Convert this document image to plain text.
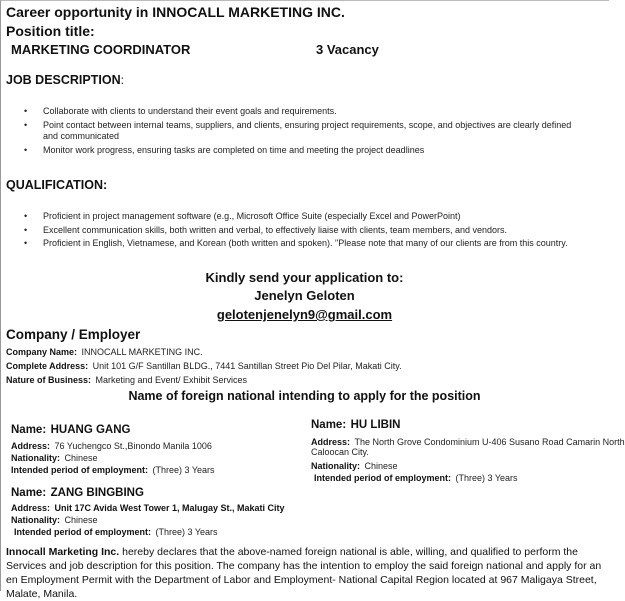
Career opportunity in INNOCALL MARKETING INC.
Position title:
MARKETING COORDINATOR	3 Vacancy
JOB DESCRIPTION:
• Collaborate with clients to understand their event goals and requirements.
• Point contact between internal teams, suppliers, and clients, ensuring project requirements, scope, and objectives are clearly defined and communicated
• Monitor work progress, ensuring tasks are completed on time and meeting the project deadlines
QUALIFICATION:
• Proficient in project management software (e.g., Microsoft Office Suite (especially Excel and PowerPoint)
• Excellent communication skills, both written and verbal, to effectively liaise with clients, team members, and vendors.
• Proficient in English, Vietnamese, and Korean (both written and spoken). "Please note that many of our clients are from this country.
Kindly send your application to:
Jenelyn Geloten
gelotenjenelyn9@gmail.com
Company / Employer
Company Name: INNOCALL MARKETING INC.
Complete Address: Unit 101 G/F Santillan BLDG., 7441 Santillan Street Pio Del Pilar, Makati City.
Nature of Business: Marketing and Event/ Exhibit Services
Name of foreign national intending to apply for the position
Name: HUANG GANG
Address: 76 Yuchengco St.,Binondo Manila 1006
Nationality: Chinese
Intended period of employment: (Three) 3 Years
Name: HU LIBIN
Address: The North Grove Condominium U-406 Susano Road Camarin North
Caloocan City.
Nationality: Chinese
Intended period of employment: (Three) 3 Years
Name: ZANG BINGBING
Address: Unit 17C Avida West Tower 1, Malugay St., Makati City
Nationality: Chinese
Intended period of employment: (Three) 3 Years
Innocall Marketing Inc. hereby declares that the above-named foreign national is able, willing, and qualified to perform the Services and job description for this position. The company has the intention to employ the said foreign national and apply for an en Employment Permit with the Department of Labor and Employment- National Capital Region located at 967 Maligaya Street, Malate, Manila.
